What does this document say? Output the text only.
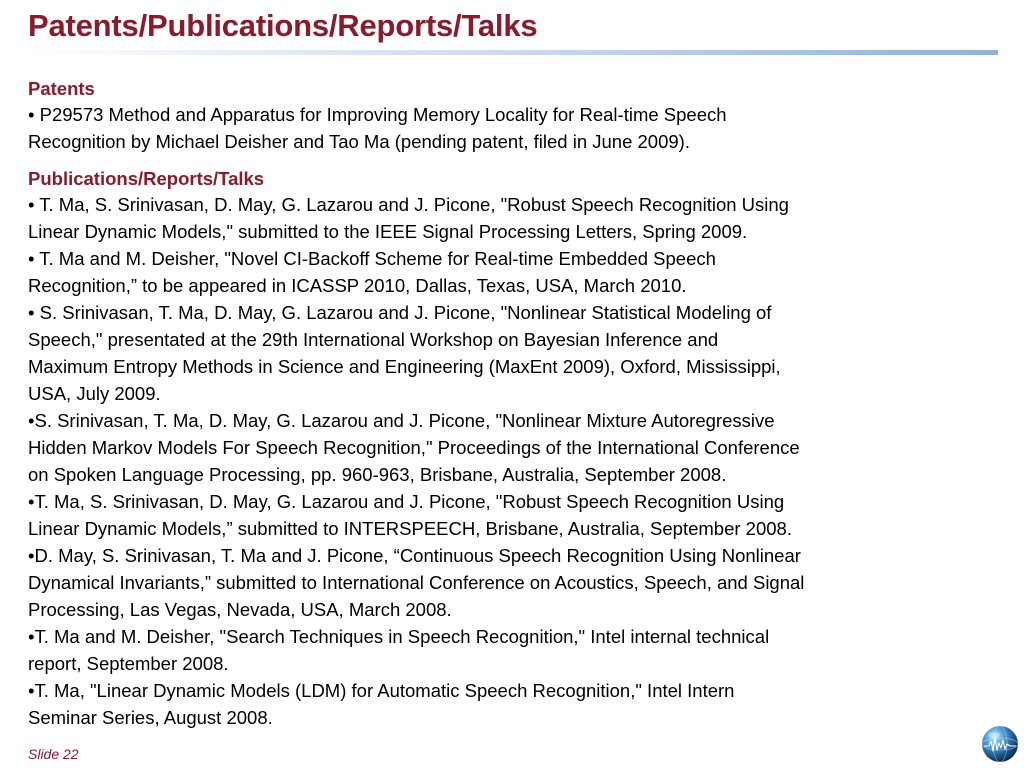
Patents/Publications/Reports/Talks
Patents
• P29573 Method and Apparatus for Improving Memory Locality for Real-time Speech
Recognition by Michael Deisher and Tao Ma (pending patent, filed in June 2009).
Publications/Reports/Talks
• T. Ma, S. Srinivasan, D. May, G. Lazarou and J. Picone, "Robust Speech Recognition Using
Linear Dynamic Models," submitted to the IEEE Signal Processing Letters, Spring 2009.
• T. Ma and M. Deisher, "Novel CI-Backoff Scheme for Real-time Embedded Speech
Recognition,” to be appeared in ICASSP 2010, Dallas, Texas, USA, March 2010.
• S. Srinivasan, T. Ma, D. May, G. Lazarou and J. Picone, "Nonlinear Statistical Modeling of
Speech," presentated at the 29th International Workshop on Bayesian Inference and
Maximum Entropy Methods in Science and Engineering (MaxEnt 2009), Oxford, Mississippi,
USA, July 2009.
•S. Srinivasan, T. Ma, D. May, G. Lazarou and J. Picone, "Nonlinear Mixture Autoregressive
Hidden Markov Models For Speech Recognition," Proceedings of the International Conference
on Spoken Language Processing, pp. 960-963, Brisbane, Australia, September 2008.
•T. Ma, S. Srinivasan, D. May, G. Lazarou and J. Picone, "Robust Speech Recognition Using
Linear Dynamic Models,” submitted to INTERSPEECH, Brisbane, Australia, September 2008.
•D. May, S. Srinivasan, T. Ma and J. Picone, “Continuous Speech Recognition Using Nonlinear
Dynamical Invariants,” submitted to International Conference on Acoustics, Speech, and Signal
Processing, Las Vegas, Nevada, USA, March 2008.
•T. Ma and M. Deisher, "Search Techniques in Speech Recognition," Intel internal technical
report, September 2008.
•T. Ma, "Linear Dynamic Models (LDM) for Automatic Speech Recognition," Intel Intern
Seminar Series, August 2008.
Slide 22
